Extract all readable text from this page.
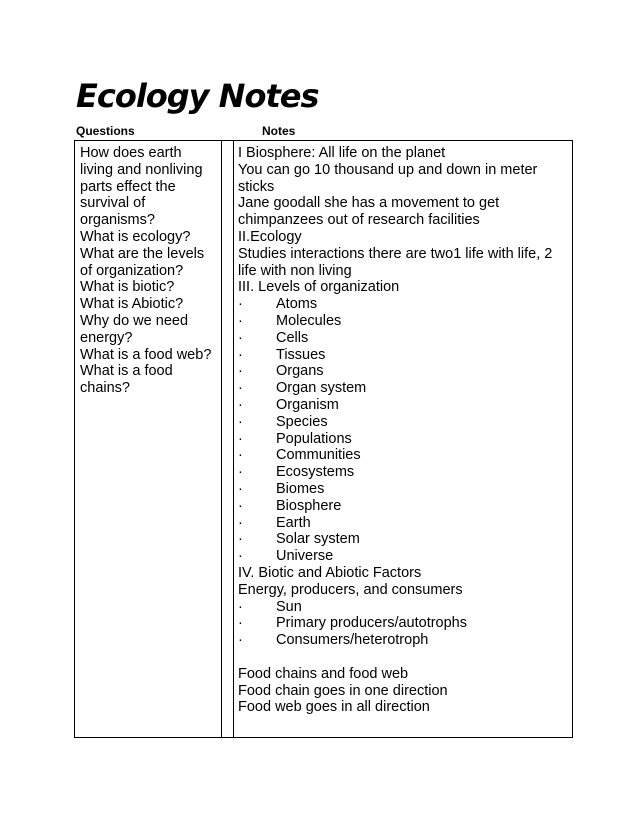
Ecology Notes
Questions	Notes
How does earth
living and nonliving
parts effect the
survival of
organisms?
What is ecology?
What are the levels
of organization?
What is biotic?
What is Abiotic?
Why do we need
energy?
What is a food web?
What is a food
chains?
I Biosphere: All life on the planet
You can go 10 thousand up and down in meter
sticks
Jane goodall she has a movement to get
chimpanzees out of research facilities
II.Ecology
Studies interactions there are two1 life with life, 2
life with non living
III. Levels of organization
· Atoms
· Molecules
· Cells
· Tissues
· Organs
· Organ system
· Organism
· Species
· Populations
· Communities
· Ecosystems
· Biomes
· Biosphere
· Earth
· Solar system
· Universe
IV. Biotic and Abiotic Factors
Energy, producers, and consumers
· Sun
· Primary producers/autotrophs
· Consumers/heterotroph
Food chains and food web
Food chain goes in one direction
Food web goes in all direction
